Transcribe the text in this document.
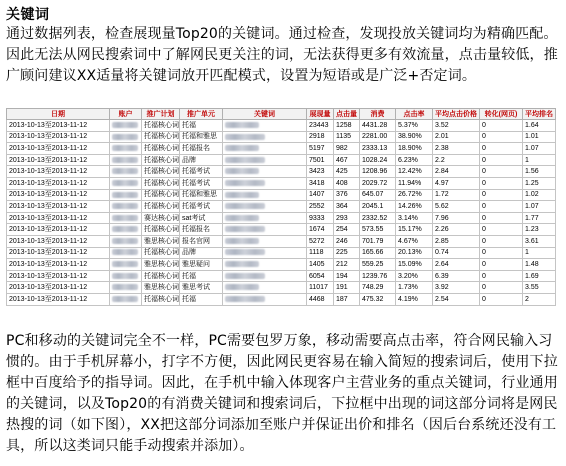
关键词
通过数据列表，检查展现量Top20的关键词。通过检查，发现投放关键词均为精确匹配。因此无法从网民搜索词中了解网民更关注的词，无法获得更多有效流量，点击量较低，推广顾问建议XX适量将关键词放开匹配模式，设置为短语或是广泛+否定词。
日期	账户	推广计划	推广单元	关键词	展现量	点击量	消费	点击率	平均点击价格	转化(网页)	平均排名
2013-10-13至2013-11-12		托福核心词	托福		23443	1258	4431.28	5.37%	3.52	0	1.64
2013-10-13至2013-11-12		托福核心词	托福和雅思		2918	1135	2281.00	38.90%	2.01	0	1.01
2013-10-13至2013-11-12		托福核心词	托福报名		5197	982	2333.13	18.90%	2.38	0	1.07
2013-10-13至2013-11-12		托福核心词	品牌		7501	467	1028.24	6.23%	2.2	0	1
2013-10-13至2013-11-12		托福核心词	托福考试		3423	425	1208.96	12.42%	2.84	0	1.56
2013-10-13至2013-11-12		托福核心词	托福考试		3418	408	2029.72	11.94%	4.97	0	1.25
2013-10-13至2013-11-12		托福核心词	托福和雅思		1407	376	645.07	26.72%	1.72	0	1.02
2013-10-13至2013-11-12		托福核心词	托福考试		2552	364	2045.1	14.26%	5.62	0	1.07
2013-10-13至2013-11-12		赛达核心词	sat考试		9333	293	2332.52	3.14%	7.96	0	1.77
2013-10-13至2013-11-12		托福核心词	托福报名		1674	254	573.55	15.17%	2.26	0	1.23
2013-10-13至2013-11-12		雅思核心词	报名官网		5272	246	701.79	4.67%	2.85	0	3.61
2013-10-13至2013-11-12		托福核心词	品牌		1118	225	165.66	20.13%	0.74	0	1
2013-10-13至2013-11-12		雅思核心词	雅思疑问		1405	212	559.25	15.09%	2.64	0	1.48
2013-10-13至2013-11-12		托福核心词	托福		6054	194	1239.76	3.20%	6.39	0	1.69
2013-10-13至2013-11-12		雅思核心词	雅思考试		11017	191	748.29	1.73%	3.92	0	3.55
2013-10-13至2013-11-12		托福核心词	托福		4468	187	475.32	4.19%	2.54	0	2
PC和移动的关键词完全不一样，PC需要包罗万象，移动需要高点击率，符合网民输入习惯的。由于手机屏幕小，打字不方便，因此网民更容易在输入简短的搜索词后，使用下拉框中百度给予的指导词。因此，在手机中输入体现客户主营业务的重点关键词，行业通用的关键词，以及Top20的有消费关键词和搜索词后，下拉框中出现的词这部分词将是网民热搜的词（如下图），XX把这部分词添加至账户并保证出价和排名（因后台系统还没有工具，所以这类词只能手动搜索并添加）。
